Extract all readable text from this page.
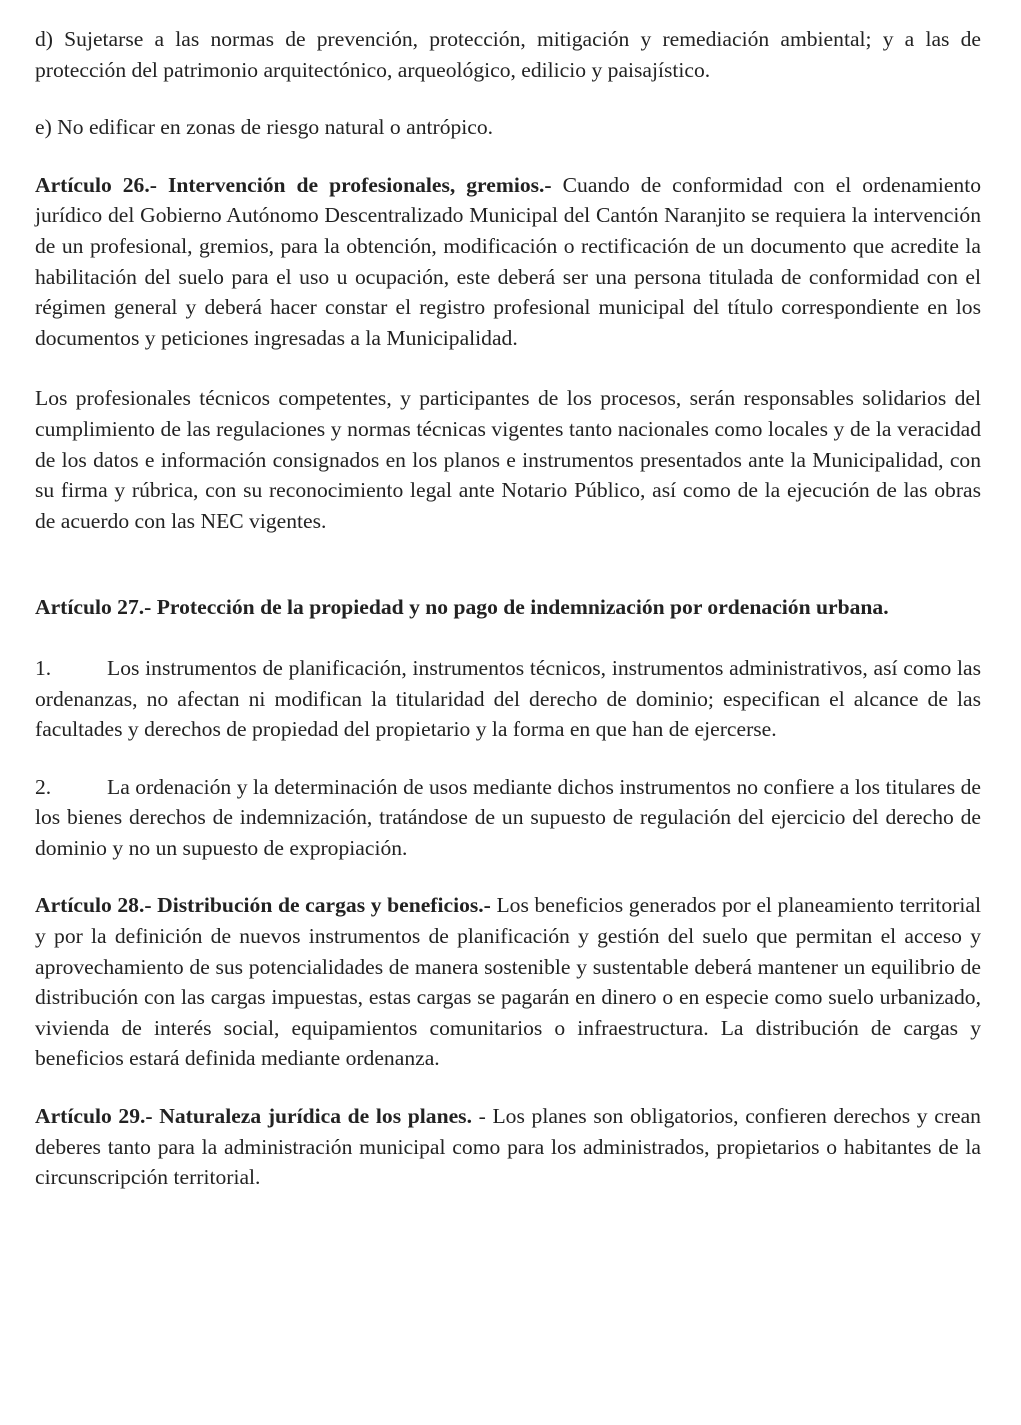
d) Sujetarse a las normas de prevención, protección, mitigación y remediación ambiental; y a las de protección del patrimonio arquitectónico, arqueológico, edilicio y paisajístico.

e) No edificar en zonas de riesgo natural o antrópico.

Artículo 26.- Intervención de profesionales, gremios.- Cuando de conformidad con el ordenamiento jurídico del Gobierno Autónomo Descentralizado Municipal del Cantón Naranjito se requiera la intervención de un profesional, gremios, para la obtención, modificación o rectificación de un documento que acredite la habilitación del suelo para el uso u ocupación, este deberá ser una persona titulada de conformidad con el régimen general y deberá hacer constar el registro profesional municipal del título correspondiente en los documentos y peticiones ingresadas a la Municipalidad.

Los profesionales técnicos competentes, y participantes de los procesos, serán responsables solidarios del cumplimiento de las regulaciones y normas técnicas vigentes tanto nacionales como locales y de la veracidad de los datos e información consignados en los planos e instrumentos presentados ante la Municipalidad, con su firma y rúbrica, con su reconocimiento legal ante Notario Público, así como de la ejecución de las obras de acuerdo con las NEC vigentes.

Artículo 27.- Protección de la propiedad y no pago de indemnización por ordenación urbana.

1.	Los instrumentos de planificación, instrumentos técnicos, instrumentos administrativos, así como las ordenanzas, no afectan ni modifican la titularidad del derecho de dominio; especifican el alcance de las facultades y derechos de propiedad del propietario y la forma en que han de ejercerse.

2.	La ordenación y la determinación de usos mediante dichos instrumentos no confiere a los titulares de los bienes derechos de indemnización, tratándose de un supuesto de regulación del ejercicio del derecho de dominio y no un supuesto de expropiación.

Artículo 28.- Distribución de cargas y beneficios.- Los beneficios generados por el planeamiento territorial y por la definición de nuevos instrumentos de planificación y gestión del suelo que permitan el acceso y aprovechamiento de sus potencialidades de manera sostenible y sustentable deberá mantener un equilibrio de distribución con las cargas impuestas, estas cargas se pagarán en dinero o en especie como suelo urbanizado, vivienda de interés social, equipamientos comunitarios o infraestructura. La distribución de cargas y beneficios estará definida mediante ordenanza.

Artículo 29.- Naturaleza jurídica de los planes. - Los planes son obligatorios, confieren derechos y crean deberes tanto para la administración municipal como para los administrados, propietarios o habitantes de la circunscripción territorial.
